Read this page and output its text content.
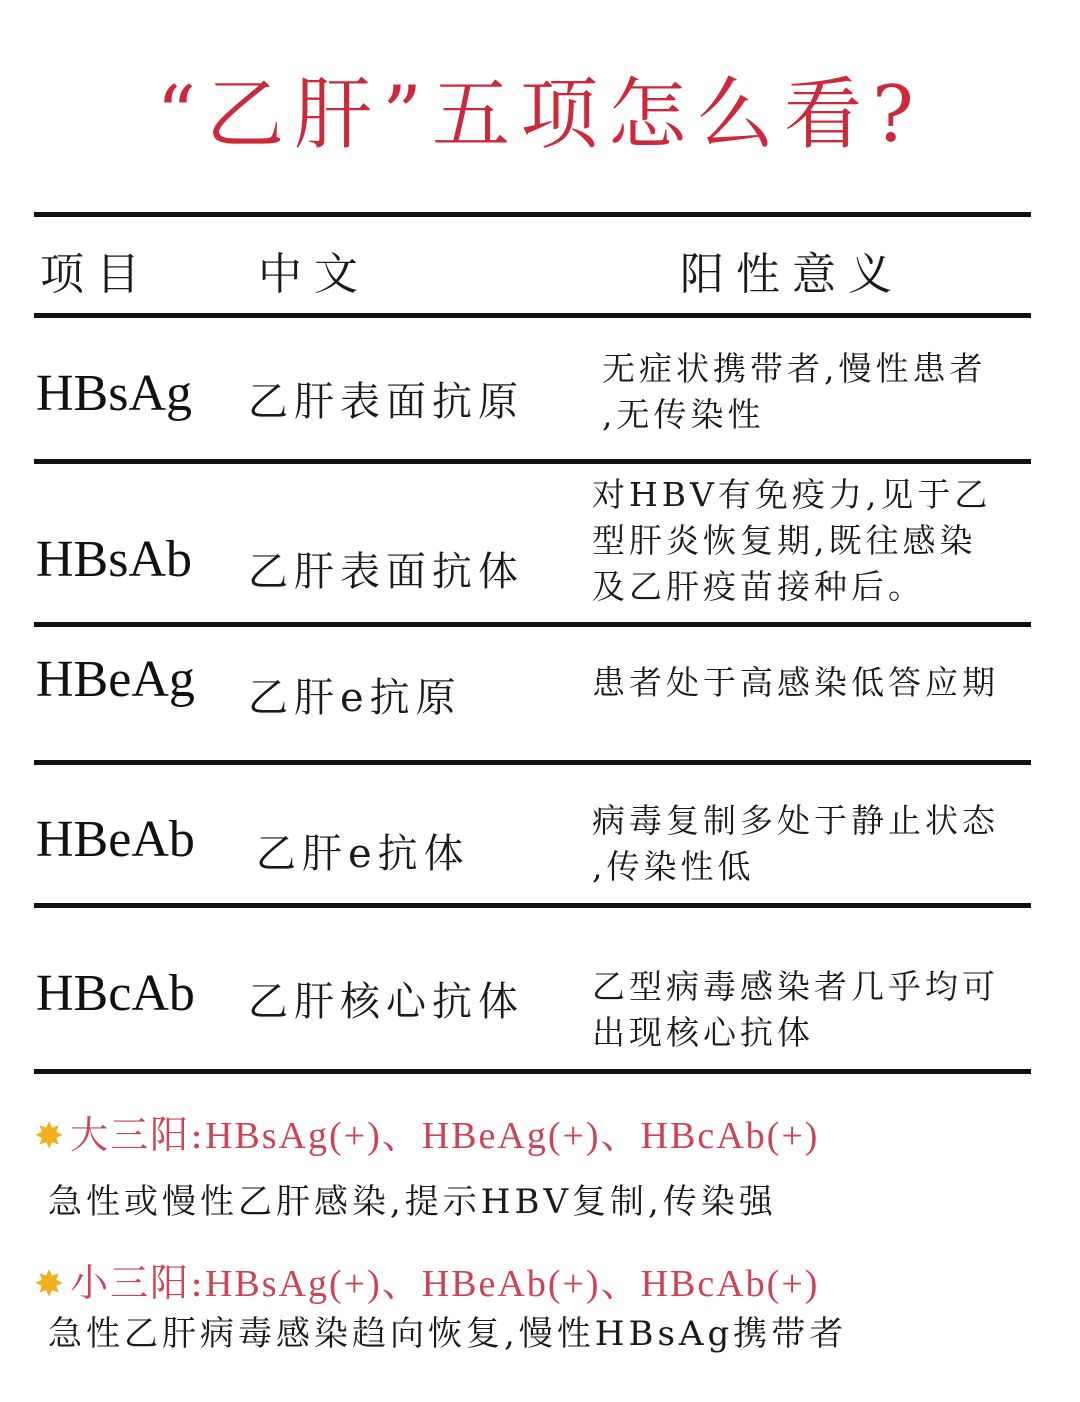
“乙肝”五项怎么看?
项目 中文	阳性意义
HBsAg 乙肝表面抗原
无症状携带者,慢性患者
,无传染性
HBsAb 乙肝表面抗体
对HBV有免疫力,见于乙
型肝炎恢复期,既往感染
及乙肝疫苗接种后。
HBeAg 乙肝e抗原	患者处于高感染低答应期
HBeAb 乙肝e抗体
病毒复制多处于静止状态
,传染性低
HBcAb 乙肝核心抗体 乙型病毒感染者几乎均可
出现核心抗体
✸ 大三阳:HBsAg(+)、HBeAg(+)、HBcAb(+)
急性或慢性乙肝感染,提示HBV复制,传染强
✸ 小三阳:HBsAg(+)、HBeAb(+)、HBcAb(+)
急性乙肝病毒感染趋向恢复,慢性HBsAg携带者
